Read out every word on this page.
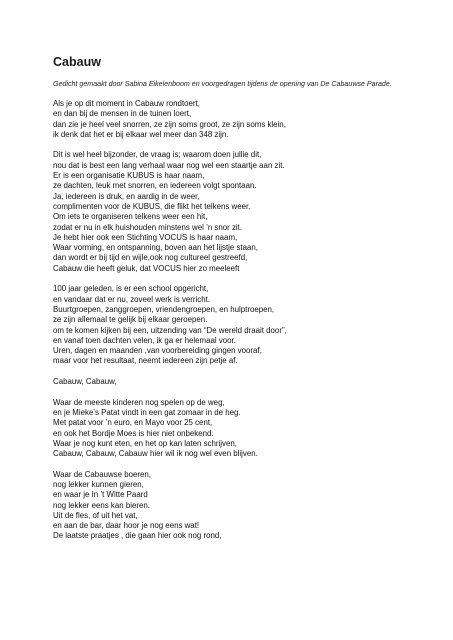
Cabauw
Gedicht gemaakt door Sabina Eikelenboom en voorgedragen tijdens de opening van De Cabauwse Parade.
Als je op dit moment in Cabauw rondtoert,
en dan bij de mensen in de tuinen loert,
dan zie je heel veel snorren, ze zijn soms groot, ze zijn soms klein,
ik denk dat het er bij elkaar wel meer dan 348 zijn.
Dit is wel heel bijzonder, de vraag is; waarom doen jullie dit,
nou dat is best een lang verhaal waar nog wel een staartje aan zit.
Er is een organisatie KUBUS is haar naam,
ze dachten, leuk met snorren, en iedereen volgt spontaan.
Ja, iedereen is druk, en aardig in de weer,
complimenten voor de KUBUS, die flikt het telkens weer.
Om iets te organiseren telkens weer een hit,
zodat er nu in elk huishouden minstens wel ’n snor zit.
Je hebt hier ook een Stichting VOCUS is haar naam,
Waar vorming, en ontspanning, boven aan het lijstje staan,
dan wordt er bij tijd en wijle,ook nog cultureel gestreefd,
Cabauw die heeft geluk, dat VOCUS hier zo meeleeft
100 jaar geleden, is er een school opgericht,
en vandaar dat er nu, zoveel werk is verricht.
Buurtgroepen, zanggroepen, vriendengroepen, en hulptroepen,
ze zijn allemaal te gelijk bij elkaar geroepen.
om te komen kijken bij een, uitzending van “De wereld draait door”,
en vanaf toen dachten velen, ik ga er helemaal voor.
Uren, dagen en maanden ,van voorbereiding gingen vooraf,
maar voor het resultaat, neemt iedereen zijn petje af.
Cabauw, Cabauw,
Waar de meeste kinderen nog spelen op de weg,
en je Mieke’s Patat vindt in een gat zomaar in de heg.
Met patat voor ’n euro, en Mayo voor 25 cent,
en ook het Bordje Moes is hier niet onbekend.
Waar je nog kunt eten, en het op kan laten schrijven,
Cabauw, Cabauw, Cabauw hier wil ik nog wel even blijven.
Waar de Cabauwse boeren,
nog lekker kunnen gieren,
en waar je In ’t Witte Paard
nog lekker eens kan bieren.
Uit de fles, of uit het vat,
en aan de bar, daar hoor je nog eens wat!
De laatste praatjes , die gaan hier ook nog rond,
